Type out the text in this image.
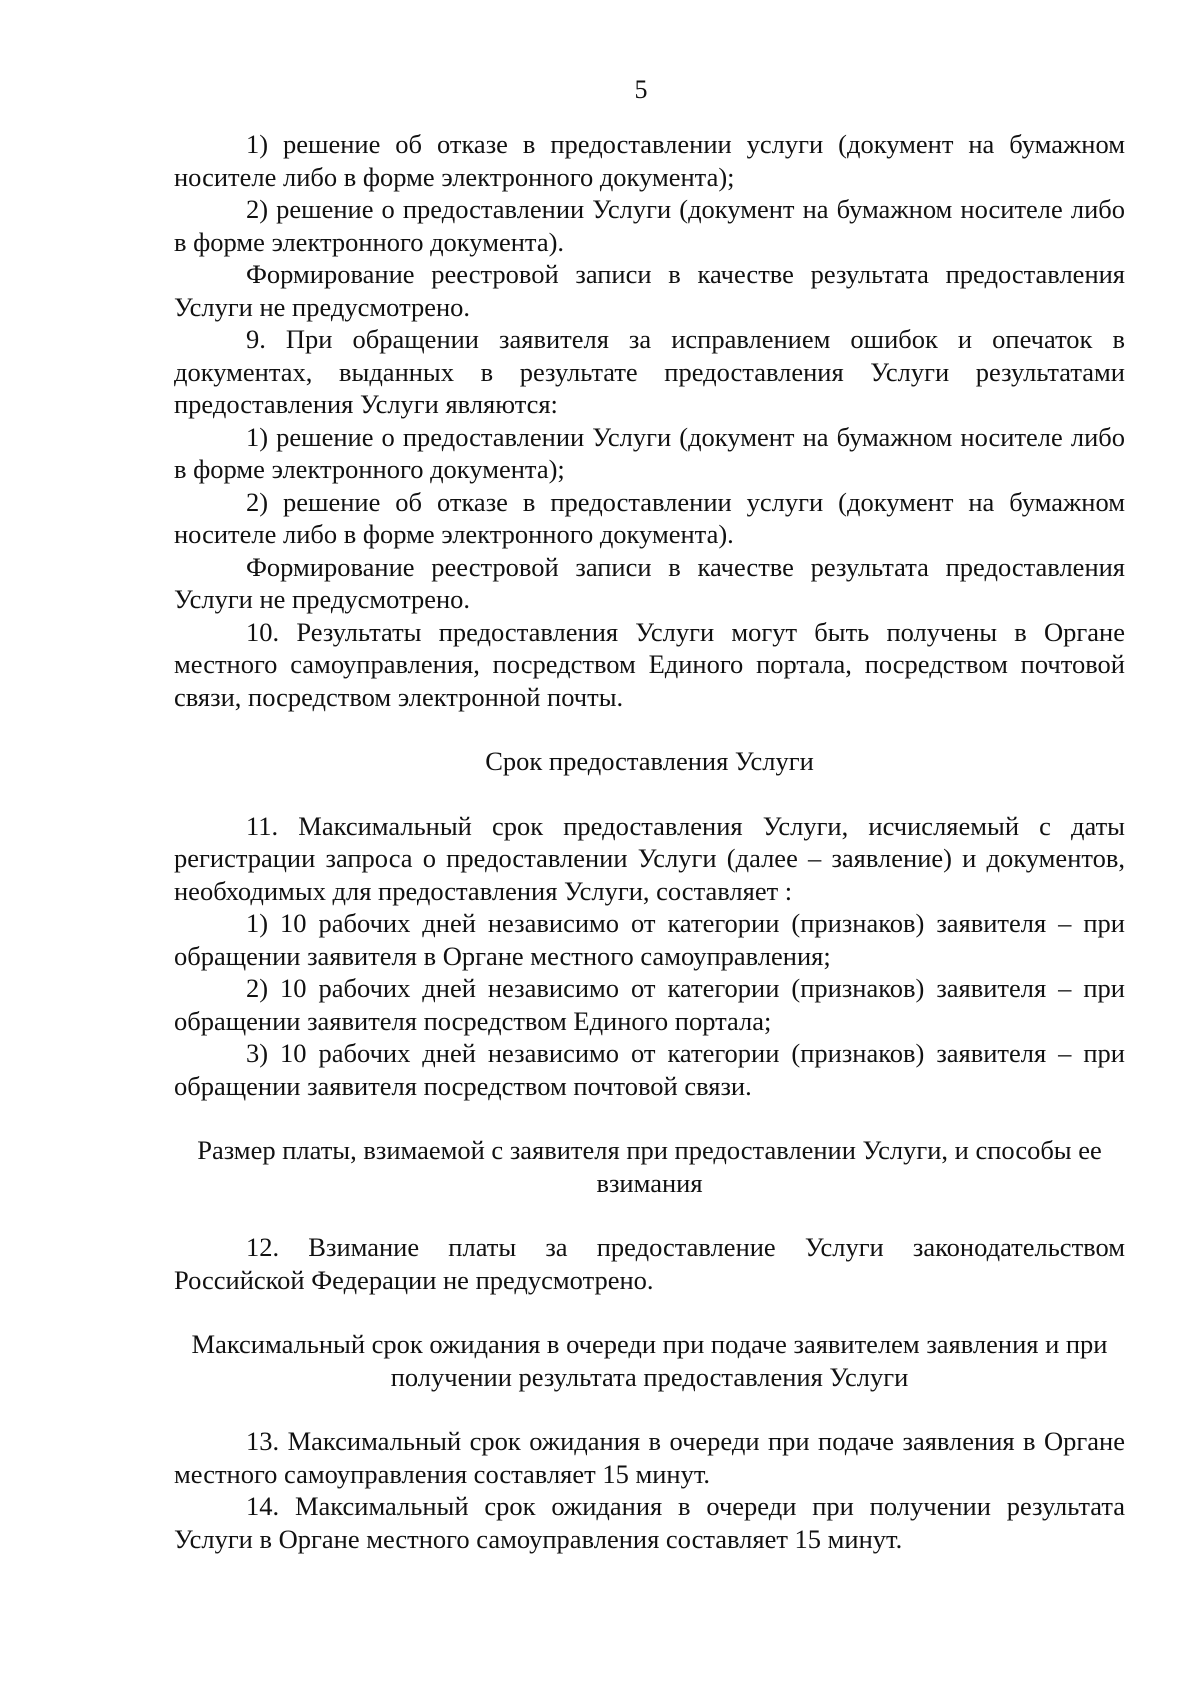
5

1) решение об отказе в предоставлении услуги (документ на бумажном носителе либо в форме электронного документа);

2) решение о предоставлении Услуги (документ на бумажном носителе либо в форме электронного документа).

Формирование реестровой записи в качестве результата предоставления Услуги не предусмотрено.

9. При обращении заявителя за исправлением ошибок и опечаток в документах, выданных в результате предоставления Услуги результатами предоставления Услуги являются:

1) решение о предоставлении Услуги (документ на бумажном носителе либо в форме электронного документа);

2) решение об отказе в предоставлении услуги (документ на бумажном носителе либо в форме электронного документа).

Формирование реестровой записи в качестве результата предоставления Услуги не предусмотрено.

10. Результаты предоставления Услуги могут быть получены в Органе местного самоуправления, посредством Единого портала, посредством почтовой связи, посредством электронной почты.

Срок предоставления Услуги

11. Максимальный срок предоставления Услуги, исчисляемый с даты регистрации запроса о предоставлении Услуги (далее – заявление) и документов, необходимых для предоставления Услуги, составляет :

1) 10 рабочих дней независимо от категории (признаков) заявителя – при обращении заявителя в Органе местного самоуправления;

2) 10 рабочих дней независимо от категории (признаков) заявителя – при обращении заявителя посредством Единого портала;

3) 10 рабочих дней независимо от категории (признаков) заявителя – при обращении заявителя посредством почтовой связи.

Размер платы, взимаемой с заявителя при предоставлении Услуги, и способы ее взимания

12. Взимание платы за предоставление Услуги законодательством Российской Федерации не предусмотрено.

Максимальный срок ожидания в очереди при подаче заявителем заявления и при получении результата предоставления Услуги

13. Максимальный срок ожидания в очереди при подаче заявления в Органе местного самоуправления составляет 15 минут.

14. Максимальный срок ожидания в очереди при получении результата Услуги в Органе местного самоуправления составляет 15 минут.
